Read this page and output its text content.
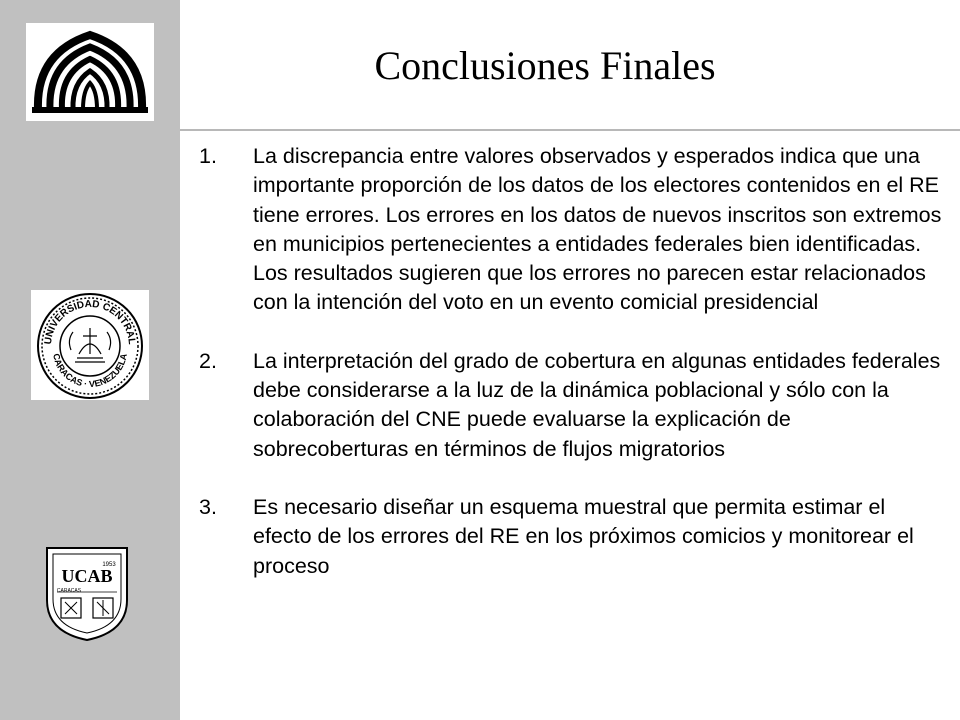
UNIVERSIDAD CENTRAL
CARACAS · VENEZUELA
UCAB
1953
CARACAS
Conclusiones Finales
1.	La discrepancia entre valores observados y esperados indica que una importante proporción de los datos de los electores contenidos en el RE tiene errores. Los errores en los datos de nuevos inscritos son extremos en municipios pertenecientes a entidades federales bien identificadas. Los resultados sugieren que los errores no parecen estar relacionados con la intención del voto en un evento comicial presidencial
2.	La interpretación del grado de cobertura en algunas entidades federales debe considerarse a la luz de la dinámica poblacional y sólo con la colaboración del CNE puede evaluarse la explicación de sobrecoberturas en términos de flujos migratorios
3.	Es necesario diseñar un esquema muestral que permita estimar el efecto de los errores del RE en los próximos comicios y monitorear el proceso
